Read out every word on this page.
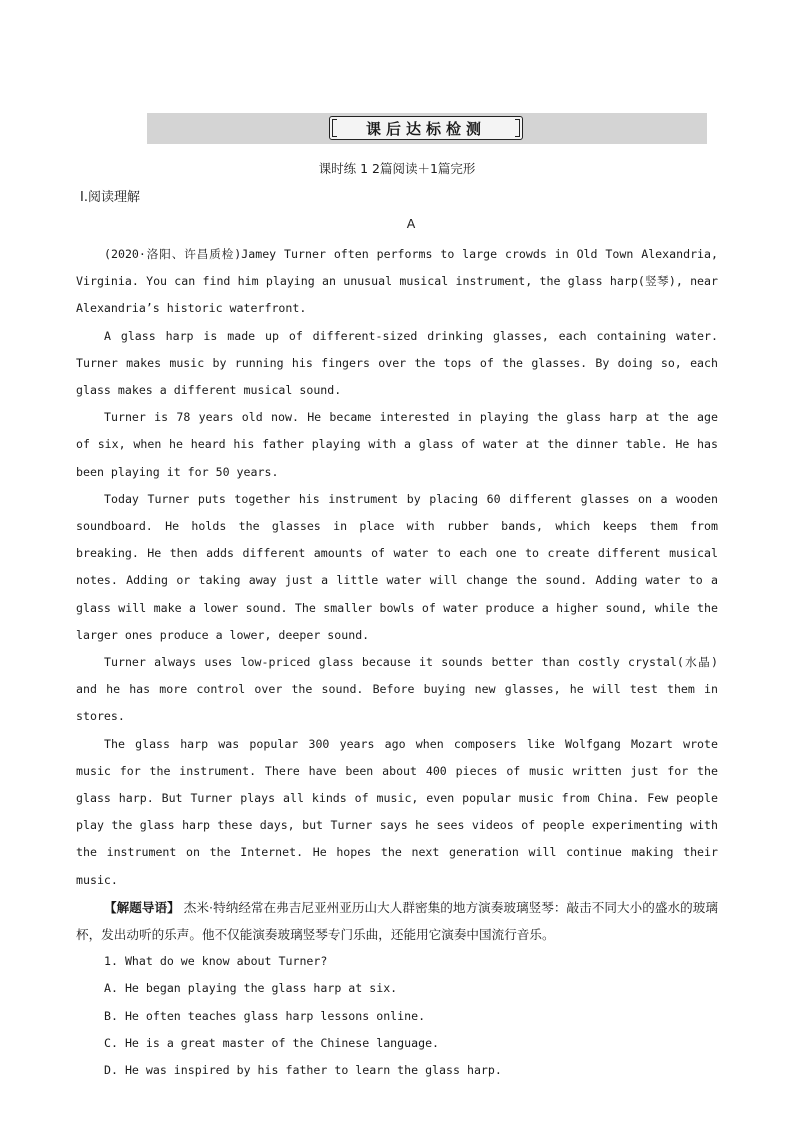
课后达标检测
课时练 1 2篇阅读＋1篇完形
Ⅰ.阅读理解
A

(2020·洛阳、许昌质检)Jamey Turner often performs to large crowds in Old Town Alexandria, Virginia. You can find him playing an unusual musical instrument, the glass harp(竖琴), near Alexandria’s historic waterfront.

A glass harp is made up of different-sized drinking glasses, each containing water. Turner makes music by running his fingers over the tops of the glasses. By doing so, each glass makes a different musical sound.

Turner is 78 years old now. He became interested in playing the glass harp at the age of six, when he heard his father playing with a glass of water at the dinner table. He has been playing it for 50 years.

Today Turner puts together his instrument by placing 60 different glasses on a wooden soundboard. He holds the glasses in place with rubber bands, which keeps them from breaking. He then adds different amounts of water to each one to create different musical notes. Adding or taking away just a little water will change the sound. Adding water to a glass will make a lower sound. The smaller bowls of water produce a higher sound, while the larger ones produce a lower, deeper sound.

Turner always uses low-priced glass because it sounds better than costly crystal(水晶) and he has more control over the sound. Before buying new glasses, he will test them in stores.

The glass harp was popular 300 years ago when composers like Wolfgang Mozart wrote music for the instrument. There have been about 400 pieces of music written just for the glass harp. But Turner plays all kinds of music, even popular music from China. Few people play the glass harp these days, but Turner says he sees videos of people experimenting with the instrument on the Internet. He hopes the next generation will continue making their music.

【解题导语】 杰米·特纳经常在弗吉尼亚州亚历山大人群密集的地方演奏玻璃竖琴：敲击不同大小的盛水的玻璃杯，发出动听的乐声。他不仅能演奏玻璃竖琴专门乐曲，还能用它演奏中国流行音乐。

1. What do we know about Turner?

A. He began playing the glass harp at six.

B. He often teaches glass harp lessons online.

C. He is a great master of the Chinese language.

D. He was inspired by his father to learn the glass harp.
